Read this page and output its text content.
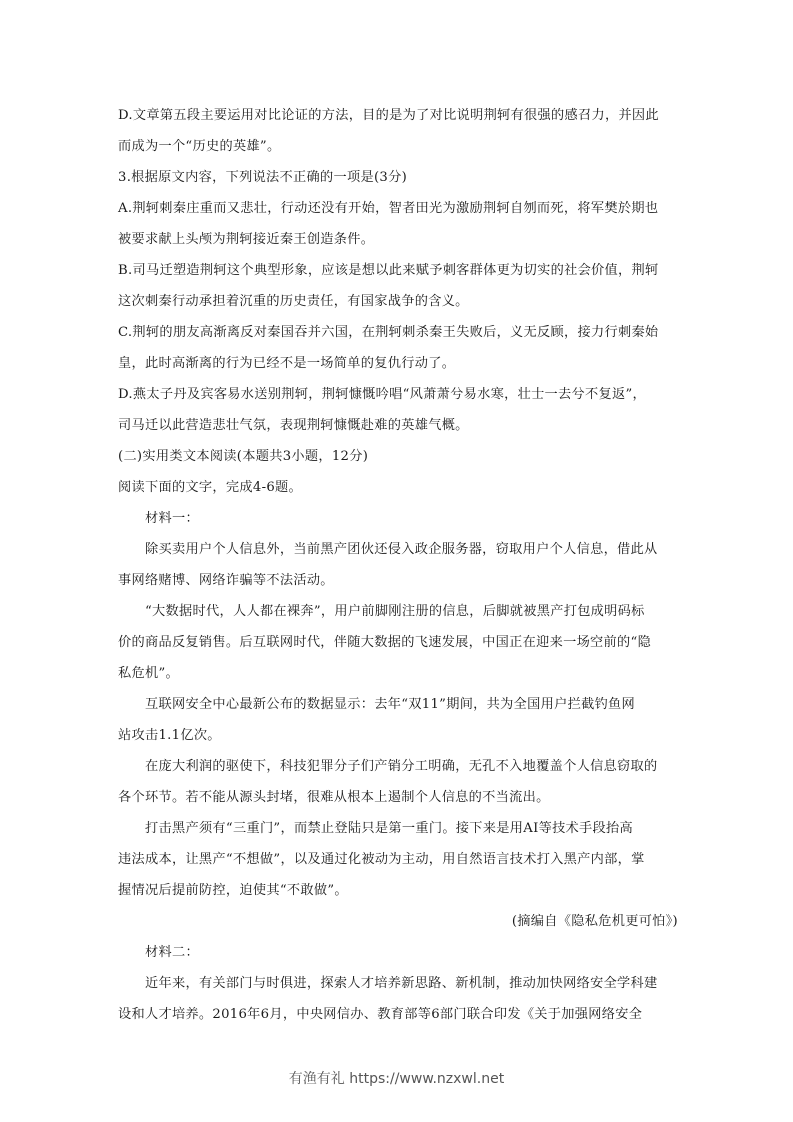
D.文章第五段主要运用对比论证的方法，目的是为了对比说明荆轲有很强的感召力，并因此
而成为一个“历史的英雄”。
3.根据原文内容，下列说法不正确的一项是(3分)
A.荆轲刺秦庄重而又悲壮，行动还没有开始，智者田光为激励荆轲自刎而死，将军樊於期也
被要求献上头颅为荆轲接近秦王创造条件。
B.司马迁塑造荆轲这个典型形象，应该是想以此来赋予刺客群体更为切实的社会价值，荆轲
这次刺秦行动承担着沉重的历史责任，有国家战争的含义。
C.荆轲的朋友高渐离反对秦国吞并六国，在荆轲刺杀秦王失败后，义无反顾，接力行刺秦始
皇，此时高渐离的行为已经不是一场简单的复仇行动了。
D.燕太子丹及宾客易水送别荆轲，荆轲慷慨吟唱“风萧萧兮易水寒，壮士一去兮不复返”，
司马迁以此营造悲壮气氛，表现荆轲慷慨赴难的英雄气概。
(二)实用类文本阅读(本题共3小题，12分)
阅读下面的文字，完成4-6题。
材料一：
除买卖用户个人信息外，当前黑产团伙还侵入政企服务器，窃取用户个人信息，借此从
事网络赌博、网络诈骗等不法活动。
“大数据时代，人人都在裸奔”，用户前脚刚注册的信息，后脚就被黑产打包成明码标
价的商品反复销售。后互联网时代，伴随大数据的飞速发展，中国正在迎来一场空前的“隐
私危机”。
互联网安全中心最新公布的数据显示：去年“双11”期间，共为全国用户拦截钓鱼网
站攻击1.1亿次。
在庞大利润的驱使下，科技犯罪分子们产销分工明确，无孔不入地覆盖个人信息窃取的
各个环节。若不能从源头封堵，很难从根本上遏制个人信息的不当流出。
打击黑产须有“三重门”，而禁止登陆只是第一重门。接下来是用AI等技术手段抬高
违法成本，让黑产“不想做”，以及通过化被动为主动，用自然语言技术打入黑产内部，掌
握情况后提前防控，迫使其“不敢做”。
(摘编自《隐私危机更可怕》)
材料二：
近年来，有关部门与时俱进，探索人才培养新思路、新机制，推动加快网络安全学科建
设和人才培养。2016年6月，中央网信办、教育部等6部门联合印发《关于加强网络安全
有渔有礼 https://www.nzxwl.net
